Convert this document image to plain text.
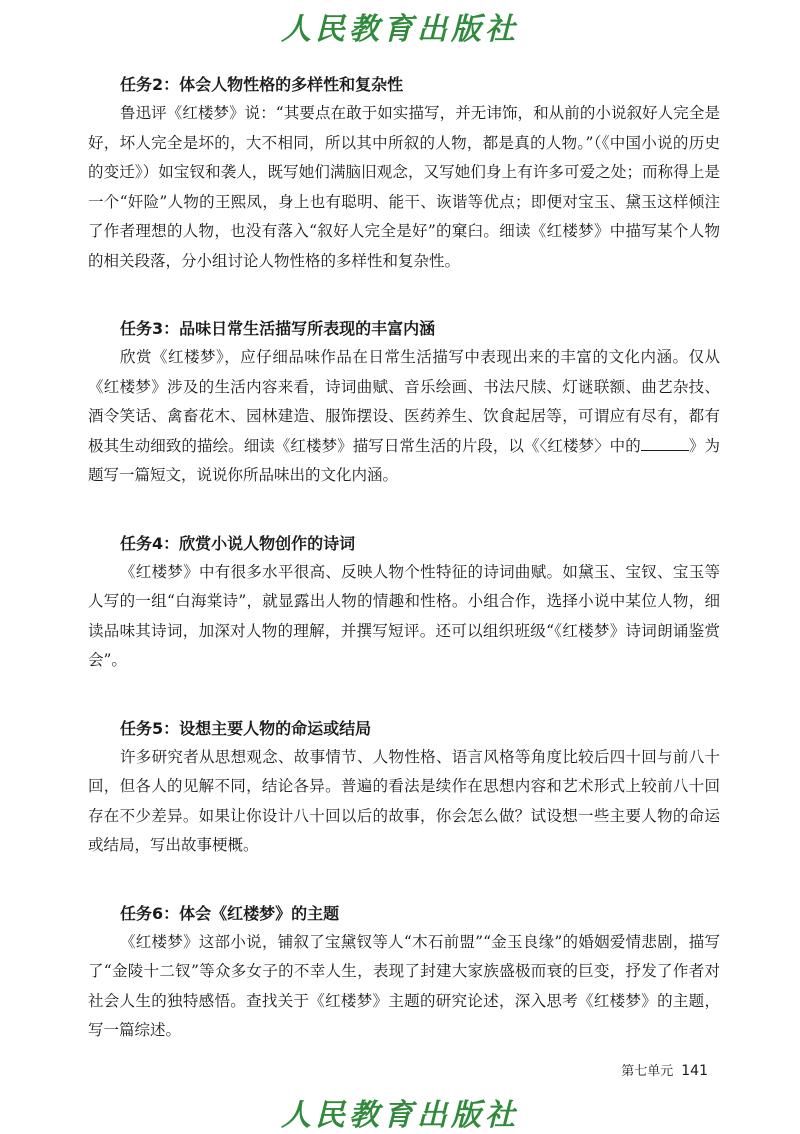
人民教育出版社

任务2：体会人物性格的多样性和复杂性

鲁迅评《红楼梦》说：“其要点在敢于如实描写，并无讳饰，和从前的小说叙好人完全是好，坏人完全是坏的，大不相同，所以其中所叙的人物，都是真的人物。”（《中国小说的历史的变迁》）如宝钗和袭人，既写她们满脑旧观念，又写她们身上有许多可爱之处；而称得上是一个“奸险”人物的王熙凤，身上也有聪明、能干、诙谐等优点；即便对宝玉、黛玉这样倾注了作者理想的人物，也没有落入“叙好人完全是好”的窠臼。细读《红楼梦》中描写某个人物的相关段落，分小组讨论人物性格的多样性和复杂性。

任务3：品味日常生活描写所表现的丰富内涵

欣赏《红楼梦》，应仔细品味作品在日常生活描写中表现出来的丰富的文化内涵。仅从《红楼梦》涉及的生活内容来看，诗词曲赋、音乐绘画、书法尺牍、灯谜联额、曲艺杂技、酒令笑话、禽畜花木、园林建造、服饰摆设、医药养生、饮食起居等，可谓应有尽有，都有极其生动细致的描绘。细读《红楼梦》描写日常生活的片段，以《〈红楼梦〉中的	》为题写一篇短文，说说你所品味出的文化内涵。

任务4：欣赏小说人物创作的诗词

《红楼梦》中有很多水平很高、反映人物个性特征的诗词曲赋。如黛玉、宝钗、宝玉等人写的一组“白海棠诗”，就显露出人物的情趣和性格。小组合作，选择小说中某位人物，细读品味其诗词，加深对人物的理解，并撰写短评。还可以组织班级“《红楼梦》诗词朗诵鉴赏会”。

任务5：设想主要人物的命运或结局

许多研究者从思想观念、故事情节、人物性格、语言风格等角度比较后四十回与前八十回，但各人的见解不同，结论各异。普遍的看法是续作在思想内容和艺术形式上较前八十回存在不少差异。如果让你设计八十回以后的故事，你会怎么做？试设想一些主要人物的命运或结局，写出故事梗概。

任务6：体会《红楼梦》的主题

《红楼梦》这部小说，铺叙了宝黛钗等人“木石前盟”“金玉良缘”的婚姻爱情悲剧，描写了“金陵十二钗”等众多女子的不幸人生，表现了封建大家族盛极而衰的巨变，抒发了作者对社会人生的独特感悟。查找关于《红楼梦》主题的研究论述，深入思考《红楼梦》的主题，写一篇综述。

第七单元 141
人民教育出版社
